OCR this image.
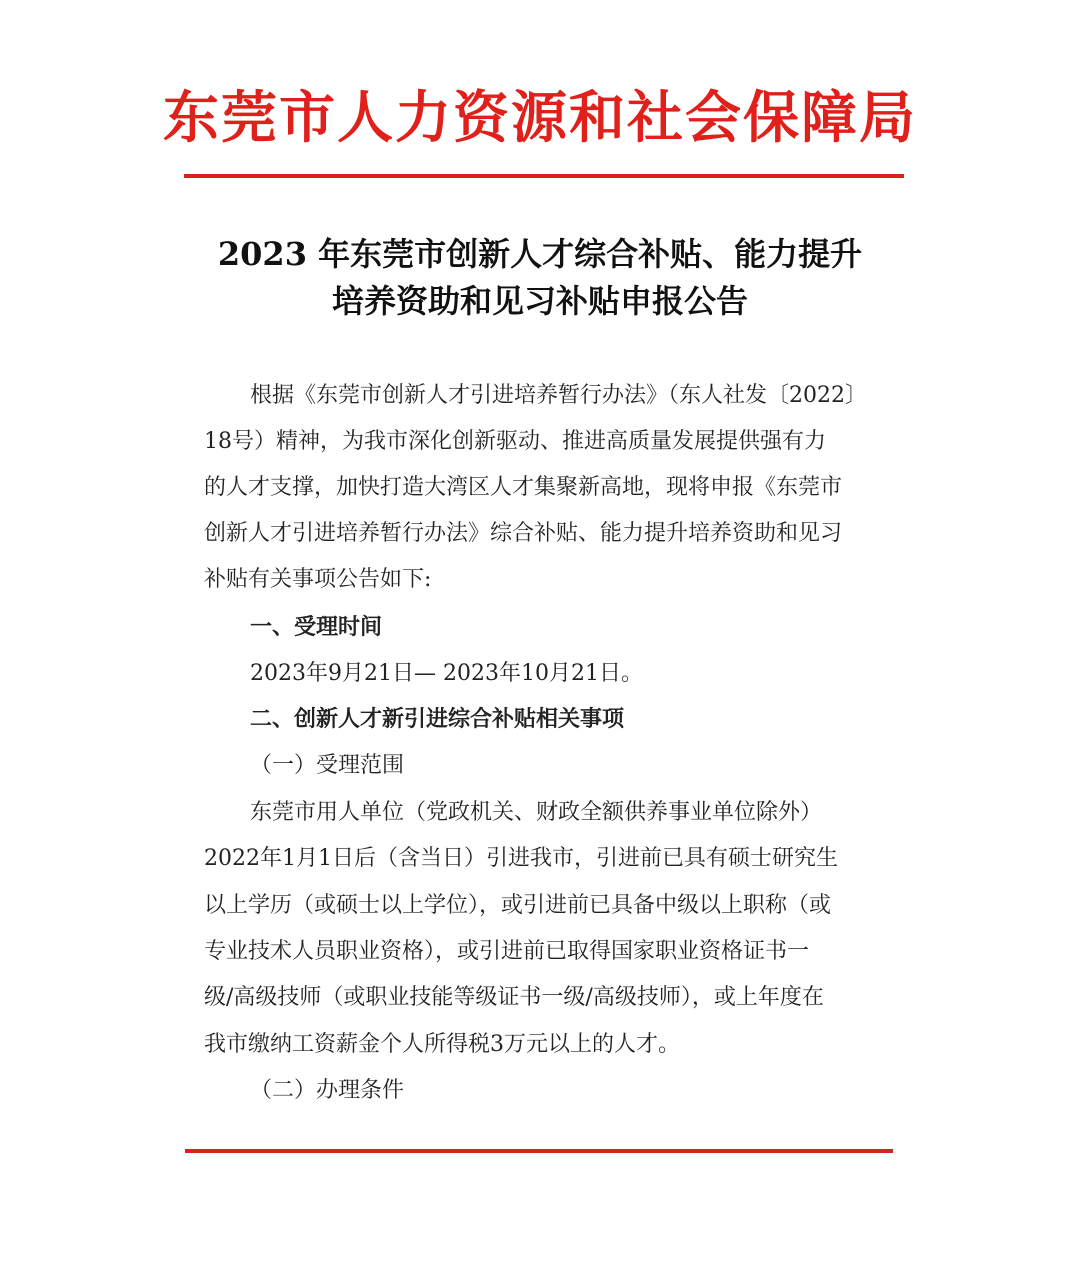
东莞市人力资源和社会保障局
2023 年东莞市创新人才综合补贴、能力提升
培养资助和见习补贴申报公告
根据《东莞市创新人才引进培养暂行办法》（东人社发〔2022〕
18号）精神，为我市深化创新驱动、推进高质量发展提供强有力
的人才支撑，加快打造大湾区人才集聚新高地，现将申报《东莞市
创新人才引进培养暂行办法》综合补贴、能力提升培养资助和见习
补贴有关事项公告如下:
一、受理时间
2023年9月21日— 2023年10月21日。
二、创新人才新引进综合补贴相关事项
（一）受理范围
东莞市用人单位（党政机关、财政全额供养事业单位除外）
2022年1月1日后（含当日）引进我市，引进前已具有硕士研究生
以上学历（或硕士以上学位），或引进前已具备中级以上职称（或
专业技术人员职业资格），或引进前已取得国家职业资格证书一
级/高级技师（或职业技能等级证书一级/高级技师），或上年度在
我市缴纳工资薪金个人所得税3万元以上的人才。
（二）办理条件
